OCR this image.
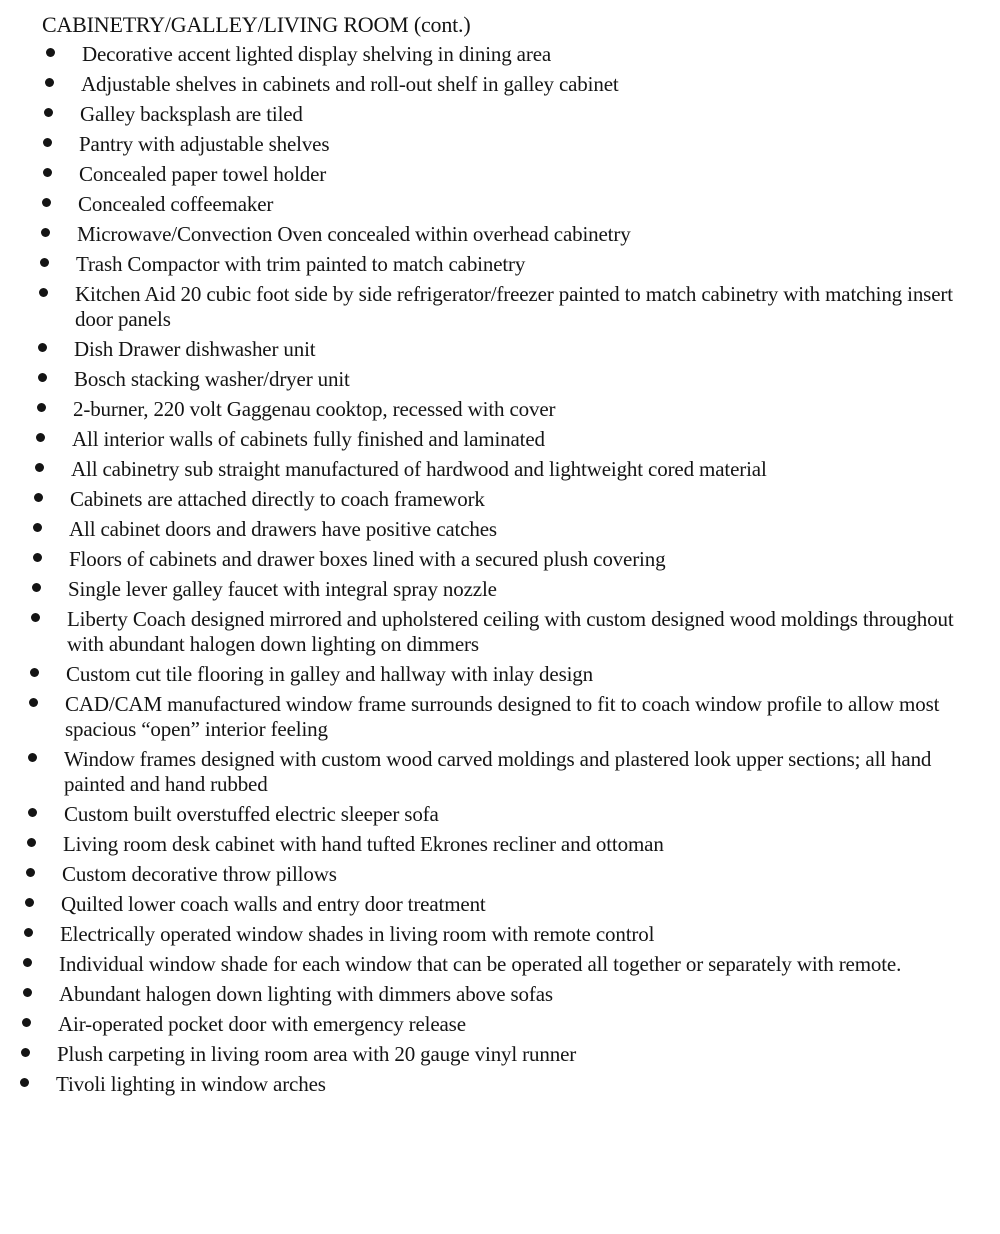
CABINETRY/GALLEY/LIVING ROOM (cont.)
Decorative accent lighted display shelving in dining area
Adjustable shelves in cabinets and roll-out shelf in galley cabinet
Galley backsplash are tiled
Pantry with adjustable shelves
Concealed paper towel holder
Concealed coffeemaker
Microwave/Convection Oven concealed within overhead cabinetry
Trash Compactor with trim painted to match cabinetry
Kitchen Aid 20 cubic foot side by side refrigerator/freezer painted to match cabinetry with matching insert door panels
Dish Drawer dishwasher unit
Bosch stacking washer/dryer unit
2-burner, 220 volt Gaggenau cooktop, recessed with cover
All interior walls of cabinets fully finished and laminated
All cabinetry sub straight manufactured of hardwood and lightweight cored material
Cabinets are attached directly to coach framework
All cabinet doors and drawers have positive catches
Floors of cabinets and drawer boxes lined with a secured plush covering
Single lever galley faucet with integral spray nozzle
Liberty Coach designed mirrored and upholstered ceiling with custom designed wood moldings throughout with abundant halogen down lighting on dimmers
Custom cut tile flooring in galley and hallway with inlay design
CAD/CAM manufactured window frame surrounds designed to fit to coach window profile to allow most spacious “open” interior feeling
Window frames designed with custom wood carved moldings and plastered look upper sections; all hand painted and hand rubbed
Custom built overstuffed electric sleeper sofa
Living room desk cabinet with hand tufted Ekrones recliner and ottoman
Custom decorative throw pillows
Quilted lower coach walls and entry door treatment
Electrically operated window shades in living room with remote control
Individual window shade for each window that can be operated all together or separately with remote.
Abundant halogen down lighting with dimmers above sofas
Air-operated pocket door with emergency release
Plush carpeting in living room area with 20 gauge vinyl runner
Tivoli lighting in window arches
